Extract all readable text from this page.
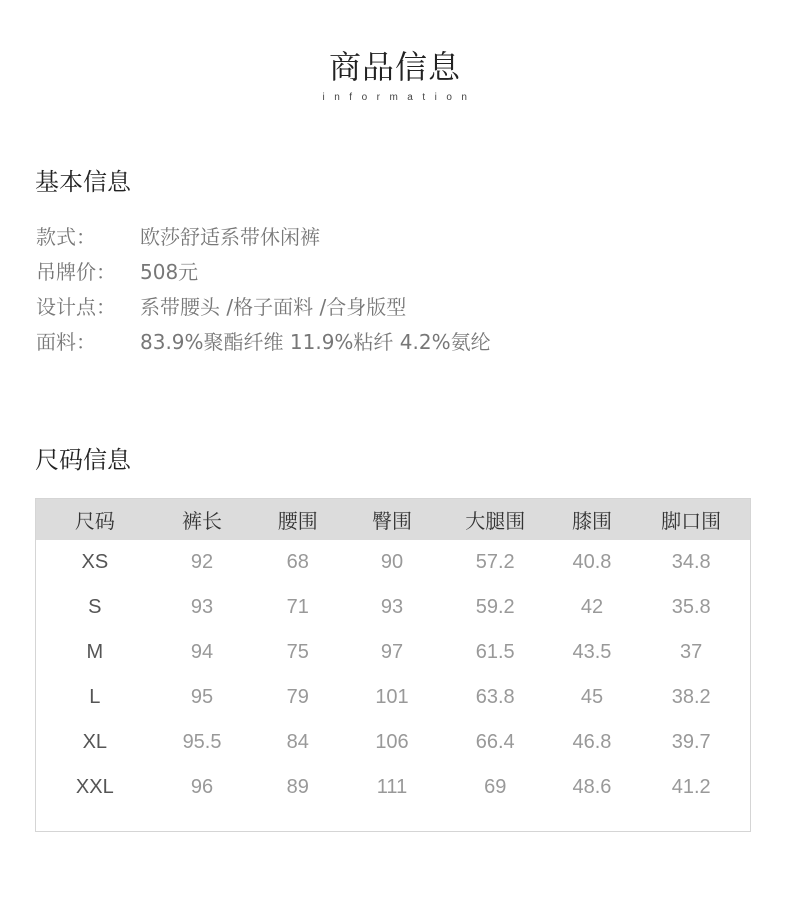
商品信息
information
基本信息
款式： 欧莎舒适系带休闲裤
吊牌价： 508元
设计点： 系带腰头 /格子面料 /合身版型
面料： 83.9%聚酯纤维 11.9%粘纤 4.2%氨纶
尺码信息
尺码	裤长	腰围	臀围	大腿围	膝围	脚口围
XS	92	68	90	57.2	40.8	34.8
S	93	71	93	59.2	42	35.8
M	94	75	97	61.5	43.5	37
L	95	79	101	63.8	45	38.2
XL	95.5	84	106	66.4	46.8	39.7
XXL	96	89	111	69	48.6	41.2
